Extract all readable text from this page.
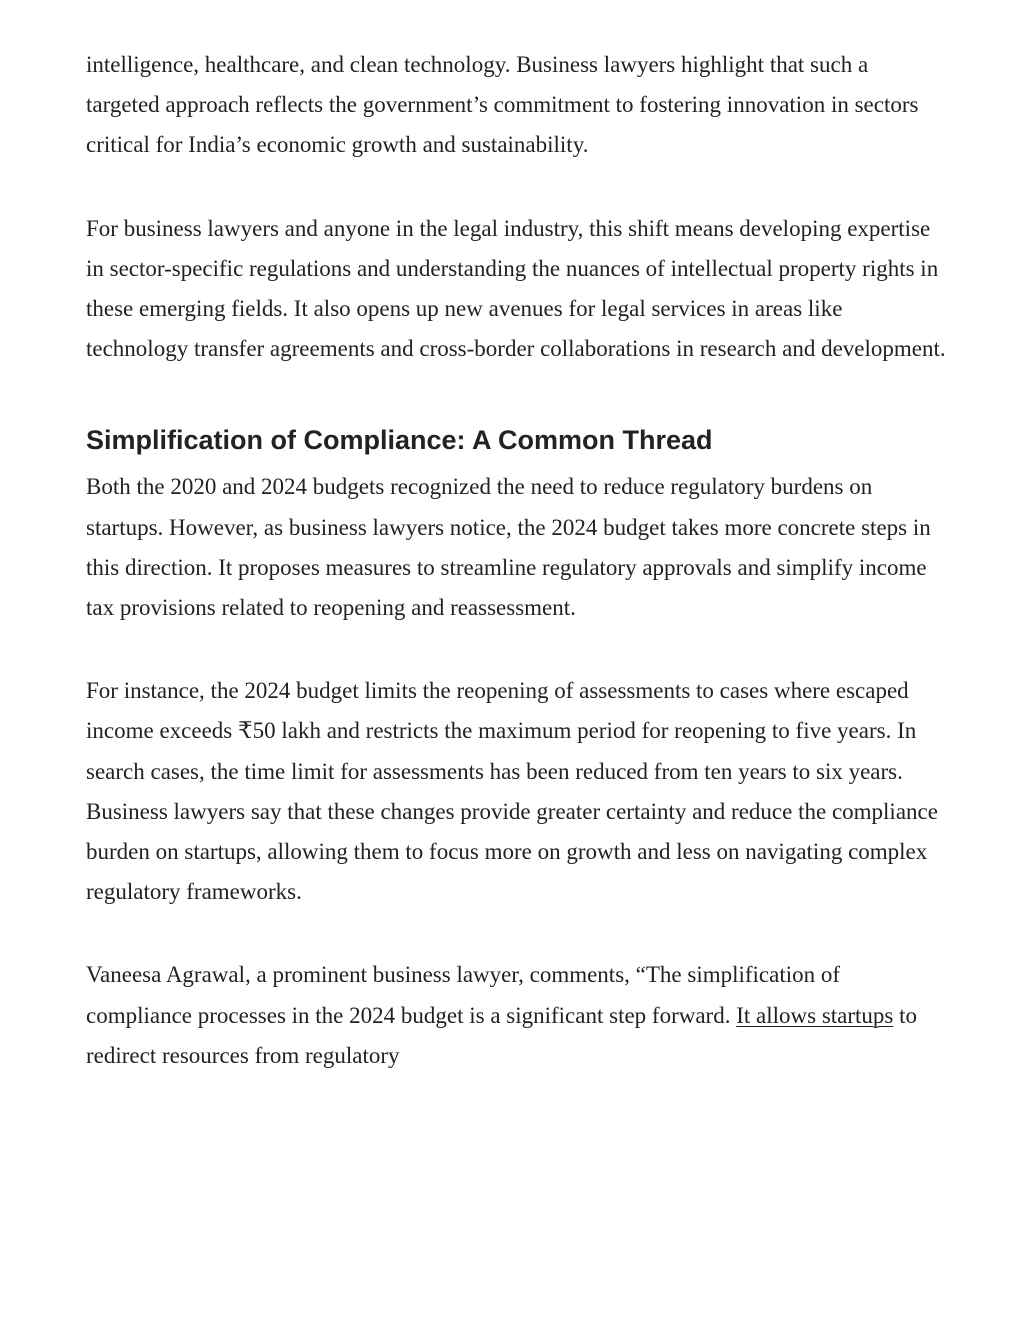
intelligence, healthcare, and clean technology. Business lawyers highlight that such a targeted approach reflects the government’s commitment to fostering innovation in sectors critical for India’s economic growth and sustainability.

For business lawyers and anyone in the legal industry, this shift means developing expertise in sector-specific regulations and understanding the nuances of intellectual property rights in these emerging fields. It also opens up new avenues for legal services in areas like technology transfer agreements and cross-border collaborations in research and development.

Simplification of Compliance: A Common Thread

Both the 2020 and 2024 budgets recognized the need to reduce regulatory burdens on startups. However, as business lawyers notice, the 2024 budget takes more concrete steps in this direction. It proposes measures to streamline regulatory approvals and simplify income tax provisions related to reopening and reassessment.

For instance, the 2024 budget limits the reopening of assessments to cases where escaped income exceeds ₹50 lakh and restricts the maximum period for reopening to five years. In search cases, the time limit for assessments has been reduced from ten years to six years. Business lawyers say that these changes provide greater certainty and reduce the compliance burden on startups, allowing them to focus more on growth and less on navigating complex regulatory frameworks.

Vaneesa Agrawal, a prominent business lawyer, comments, “The simplification of compliance processes in the 2024 budget is a significant step forward. It allows startups to redirect resources from regulatory
